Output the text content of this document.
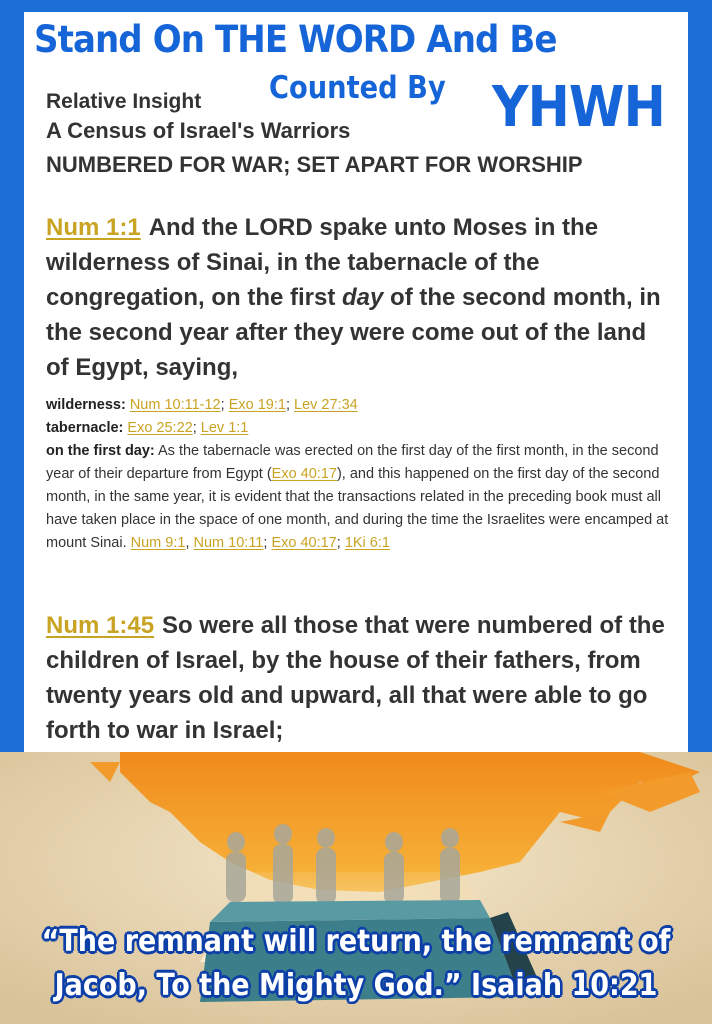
Stand On THE WORD And Be
Counted By YHWH
Relative Insight
A Census of Israel's Warriors
NUMBERED FOR WAR; SET APART FOR WORSHIP

Num 1:1 And the LORD spake unto Moses in the wilderness of Sinai, in the tabernacle of the congregation, on the first day of the second month, in the second year after they were come out of the land of Egypt, saying,

wilderness: Num 10:11-12; Exo 19:1; Lev 27:34

tabernacle: Exo 25:22; Lev 1:1

on the first day: As the tabernacle was erected on the first day of the first month, in the second year of their departure from Egypt (Exo 40:17), and this happened on the first day of the second month, in the same year, it is evident that the transactions related in the preceding book must all have taken place in the space of one month, and during the time the Israelites were encamped at mount Sinai. Num 9:1, Num 10:11; Exo 40:17; 1Ki 6:1

Num 1:45 So were all those that were numbered of the children of Israel, by the house of their fathers, from twenty years old and upward, all that were able to go forth to war in Israel;

“The remnant will return, the remnant of
Jacob, To the Mighty God.” Isaiah 10:21
